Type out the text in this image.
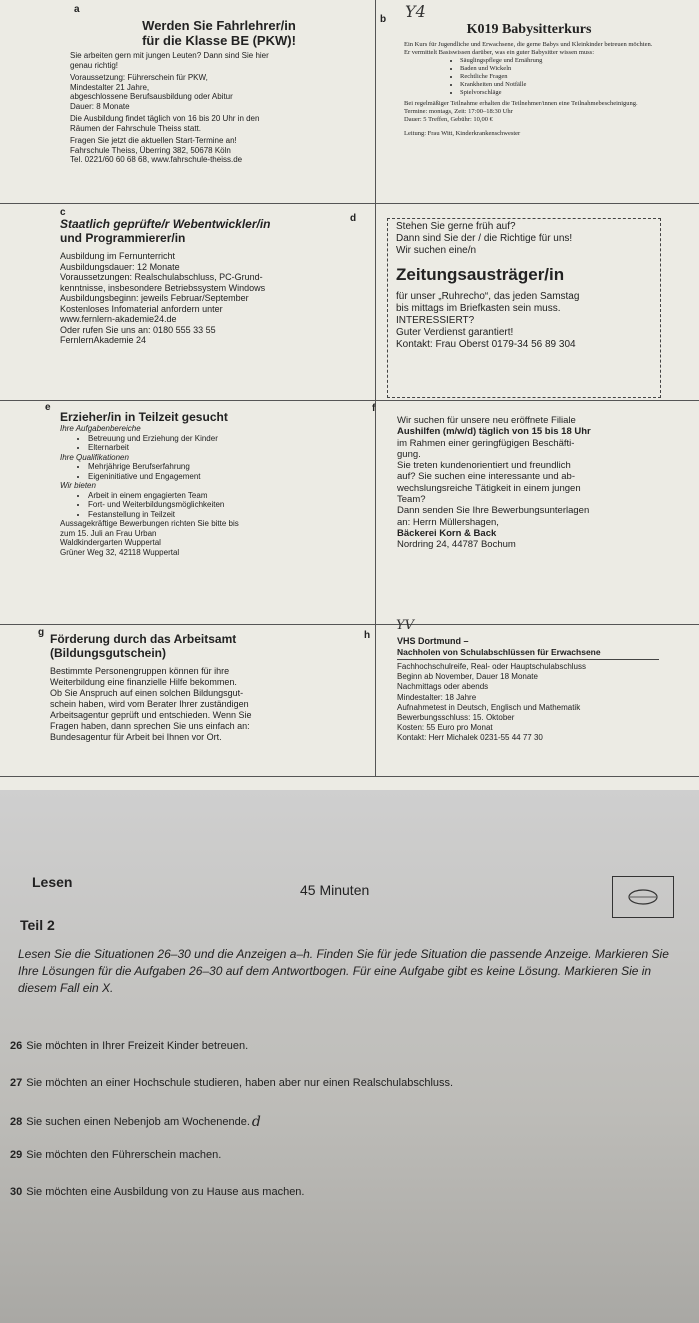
Y4
a
Werden Sie Fahrlehrer/in
für die Klasse BE (PKW)!
Sie arbeiten gern mit jungen Leuten? Dann sind Sie hier
genau richtig!
Voraussetzung: Führerschein für PKW,
Mindestalter 21 Jahre,
abgeschlossene Berufsausbildung oder Abitur
Dauer: 8 Monate
Die Ausbildung findet täglich von 16 bis 20 Uhr in den
Räumen der Fahrschule Theiss statt.
Fragen Sie jetzt die aktuellen Start-Termine an!
Fahrschule Theiss, Überring 382, 50678 Köln
Tel. 0221/60 60 68 68, www.fahrschule-theiss.de
b
K019 Babysitterkurs
Ein Kurs für Jugendliche und Erwachsene, die gerne Babys und Kleinkinder betreuen möchten. Er vermittelt Basiswissen darüber, was ein guter Babysitter wissen muss:
• Säuglingspflege und Ernährung
• Baden und Wickeln
• Rechtliche Fragen
• Krankheiten und Notfälle
• Spielvorschläge
Bei regelmäßiger Teilnahme erhalten die Teilnehmer/innen eine Teilnahmebescheinigung.
Termine: montags, Zeit: 17:00–18:30 Uhr
Dauer: 5 Treffen, Gebühr: 10,00 €
Leitung: Frau Witt, Kinderkrankenschwester
c
Staatlich geprüfte/r Webentwickler/in
und Programmierer/in
Ausbildung im Fernunterricht
Ausbildungsdauer: 12 Monate
Voraussetzungen: Realschulabschluss, PC-Grund-
kenntnisse, insbesondere Betriebssystem Windows
Ausbildungsbeginn: jeweils Februar/September
Kostenloses Infomaterial anfordern unter
www.fernlern-akademie24.de
Oder rufen Sie uns an: 0180 555 33 55
FernlernAkademie 24
d
Stehen Sie gerne früh auf?
Dann sind Sie der / die Richtige für uns!
Wir suchen eine/n
Zeitungsausträger/in
für unser „Ruhrecho“, das jeden Samstag
bis mittags im Briefkasten sein muss.
INTERESSIERT?
Guter Verdienst garantiert!
Kontakt: Frau Oberst 0179-34 56 89 304
e
Erzieher/in in Teilzeit gesucht
Ihre Aufgabenbereiche
• Betreuung und Erziehung der Kinder
• Elternarbeit
Ihre Qualifikationen
• Mehrjährige Berufserfahrung
• Eigeninitiative und Engagement
Wir bieten
• Arbeit in einem engagierten Team
• Fort- und Weiterbildungsmöglichkeiten
• Festanstellung in Teilzeit
Aussagekräftige Bewerbungen richten Sie bitte bis
zum 15. Juli an Frau Urban
Waldkindergarten Wuppertal
Grüner Weg 32, 42118 Wuppertal
f
Wir suchen für unsere neu eröffnete Filiale
Aushilfen (m/w/d) täglich von 15 bis 18 Uhr
im Rahmen einer geringfügigen Beschäfti-
gung.
Sie treten kundenorientiert und freundlich
auf? Sie suchen eine interessante und ab-
wechslungsreiche Tätigkeit in einem jungen
Team?
Dann senden Sie Ihre Bewerbungsunterlagen
an: Herrn Müllershagen,
Bäckerei Korn & Back
Nordring 24, 44787 Bochum
g Förderung durch das Arbeitsamt
(Bildungsgutschein)
Bestimmte Personengruppen können für ihre
Weiterbildung eine finanzielle Hilfe bekommen.
Ob Sie Anspruch auf einen solchen Bildungsgut-
schein haben, wird vom Berater Ihrer zuständigen
Arbeitsagentur geprüft und entschieden. Wenn Sie
Fragen haben, dann sprechen Sie uns einfach an:
Bundesagentur für Arbeit bei Ihnen vor Ort.
h
YV
VHS Dortmund –
Nachholen von Schulabschlüssen für Erwachsene
Fachhochschulreife, Real- oder Hauptschulabschluss
Beginn ab November, Dauer 18 Monate
Nachmittags oder abends
Mindestalter: 18 Jahre
Aufnahmetest in Deutsch, Englisch und Mathematik
Bewerbungsschluss: 15. Oktober
Kosten: 55 Euro pro Monat
Kontakt: Herr Michalek 0231-55 44 77 30
Lesen	45 Minuten
Teil 2
Lesen Sie die Situationen 26–30 und die Anzeigen a–h. Finden Sie für jede Situation die passende Anzeige. Markieren Sie Ihre Lösungen für die Aufgaben 26–30 auf dem Antwortbogen. Für eine Aufgabe gibt es keine Lösung. Markieren Sie in diesem Fall ein X.
26 Sie möchten in Ihrer Freizeit Kinder betreuen.
27 Sie möchten an einer Hochschule studieren, haben aber nur einen Realschulabschluss.
28 Sie suchen einen Nebenjob am Wochenende. d
29 Sie möchten den Führerschein machen.
30 Sie möchten eine Ausbildung von zu Hause aus machen.
